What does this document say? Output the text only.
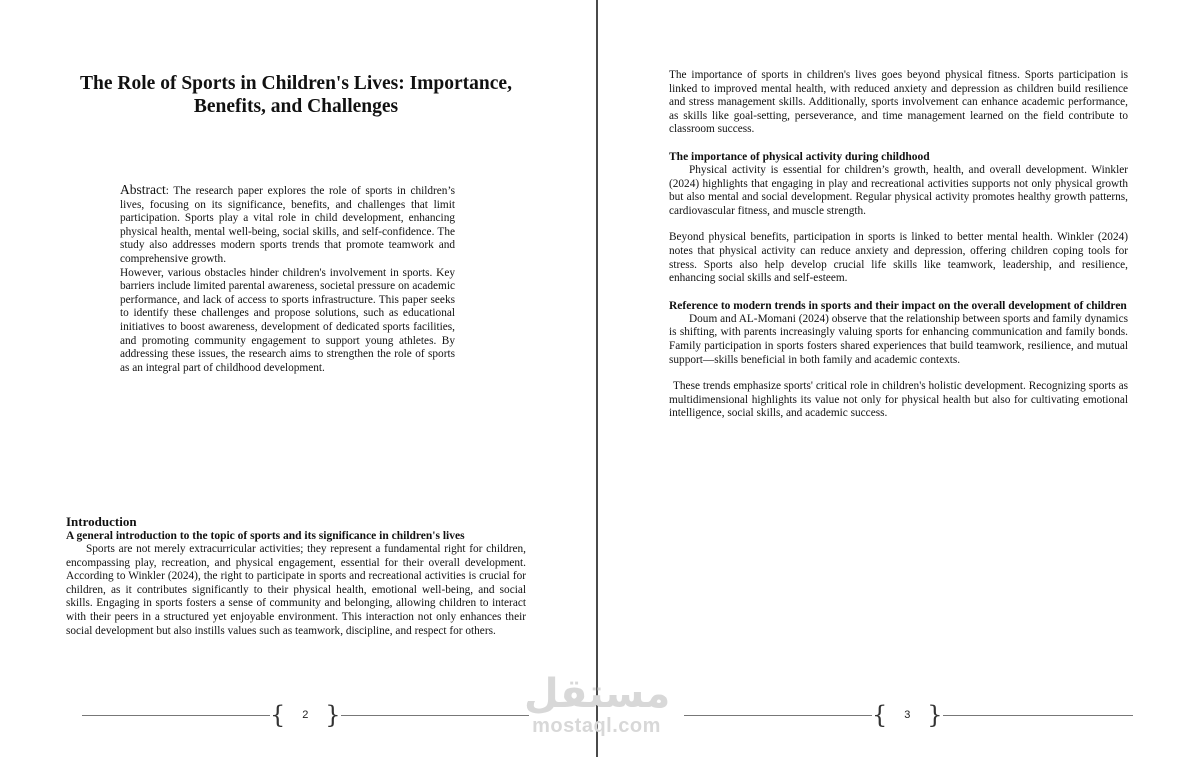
The Role of Sports in Children's Lives: Importance, Benefits, and Challenges

Abstract: The research paper explores the role of sports in children’s lives, focusing on its significance, benefits, and challenges that limit participation. Sports play a vital role in child development, enhancing physical health, mental well-being, social skills, and self-confidence. The study also addresses modern sports trends that promote teamwork and comprehensive growth.

However, various obstacles hinder children's involvement in sports. Key barriers include limited parental awareness, societal pressure on academic performance, and lack of access to sports infrastructure. This paper seeks to identify these challenges and propose solutions, such as educational initiatives to boost awareness, development of dedicated sports facilities, and promoting community engagement to support young athletes. By addressing these issues, the research aims to strengthen the role of sports as an integral part of childhood development.

Introduction

A general introduction to the topic of sports and its significance in children's lives

Sports are not merely extracurricular activities; they represent a fundamental right for children, encompassing play, recreation, and physical engagement, essential for their overall development. According to Winkler (2024), the right to participate in sports and recreational activities is crucial for children, as it contributes significantly to their physical health, emotional well-being, and social skills. Engaging in sports fosters a sense of community and belonging, allowing children to interact with their peers in a structured yet enjoyable environment. This interaction not only enhances their social development but also instills values such as teamwork, discipline, and respect for others.

{	2 }

The importance of sports in children's lives goes beyond physical fitness. Sports participation is linked to improved mental health, with reduced anxiety and depression as children build resilience and stress management skills. Additionally, sports involvement can enhance academic performance, as skills like goal-setting, perseverance, and time management learned on the field contribute to classroom success.

The importance of physical activity during childhood

Physical activity is essential for children’s growth, health, and overall development. Winkler (2024) highlights that engaging in play and recreational activities supports not only physical growth but also mental and social development. Regular physical activity promotes healthy growth patterns, cardiovascular fitness, and muscle strength.

Beyond physical benefits, participation in sports is linked to better mental health. Winkler (2024) notes that physical activity can reduce anxiety and depression, offering children coping tools for stress. Sports also help develop crucial life skills like teamwork, leadership, and resilience, enhancing social skills and self-esteem.

Reference to modern trends in sports and their impact on the overall development of children

Doum and AL-Momani (2024) observe that the relationship between sports and family dynamics is shifting, with parents increasingly valuing sports for enhancing communication and family bonds. Family participation in sports fosters shared experiences that build teamwork, resilience, and mutual support—skills beneficial in both family and academic contexts.

These trends emphasize sports' critical role in children's holistic development. Recognizing sports as multidimensional highlights its value not only for physical health but also for cultivating emotional intelligence, social skills, and academic success.

{	3 }
مستقل
mostaql.com
